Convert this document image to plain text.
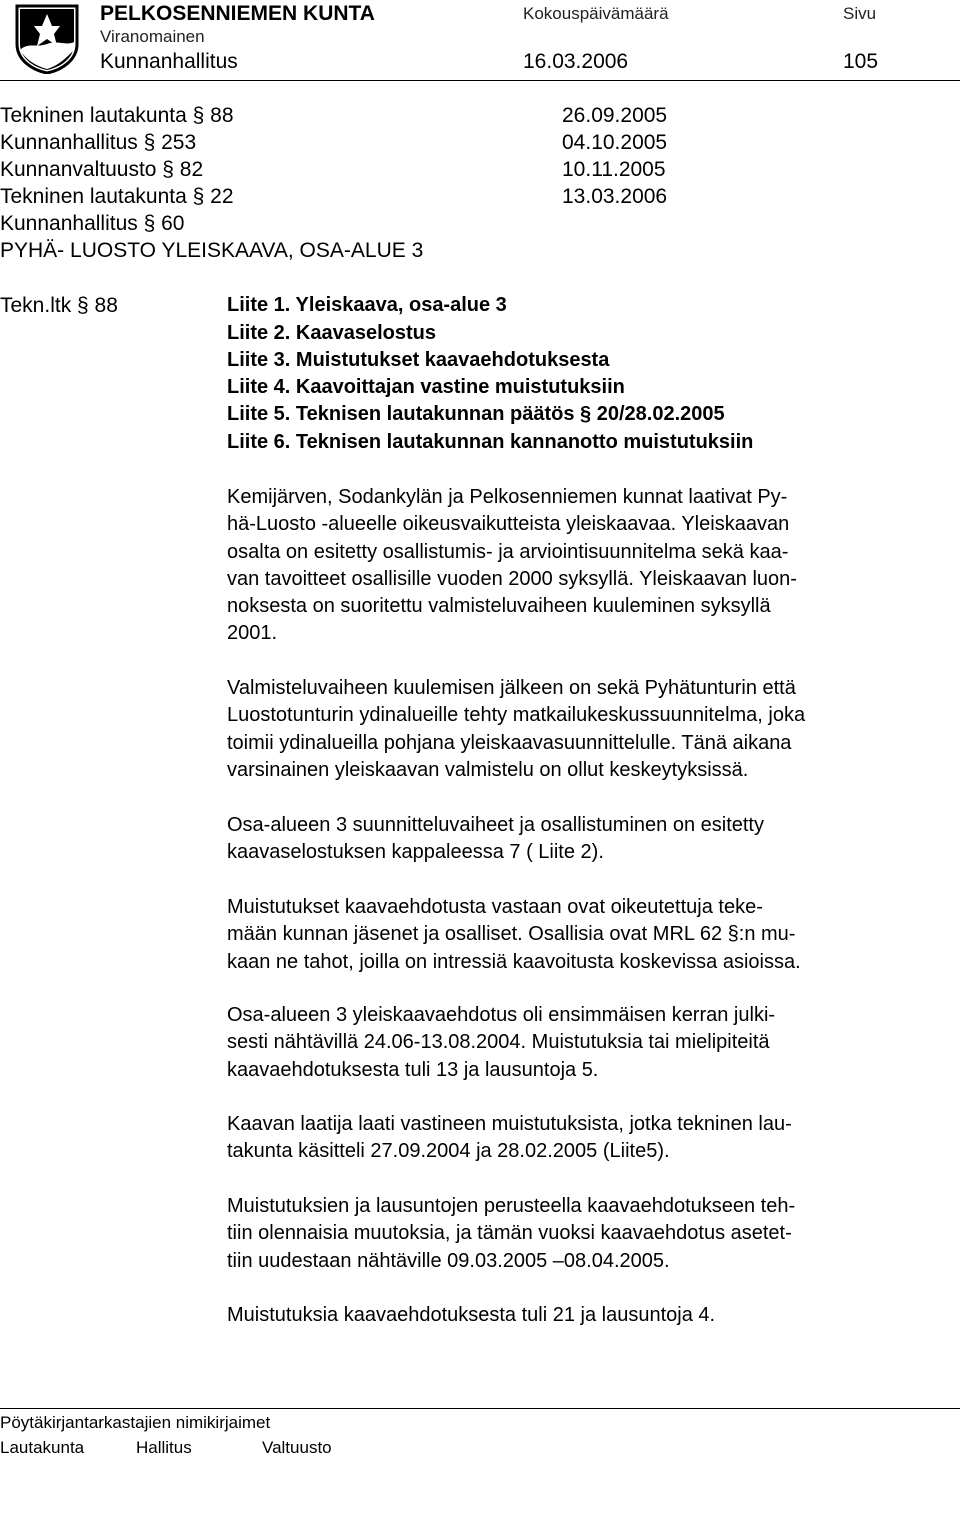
PELKOSENNIEMEN KUNTA	Kokouspäivämäärä	Sivu
Viranomainen
Kunnanhallitus	16.03.2006	105
Tekninen lautakunta § 88	26.09.2005
Kunnanhallitus § 253	04.10.2005
Kunnanvaltuusto § 82	10.11.2005
Tekninen lautakunta § 22	13.03.2006
Kunnanhallitus § 60
PYHÄ- LUOSTO YLEISKAAVA, OSA-ALUE 3
Tekn.ltk § 88	Liite 1. Yleiskaava, osa-alue 3
Liite 2. Kaavaselostus
Liite 3. Muistutukset kaavaehdotuksesta
Liite 4. Kaavoittajan vastine muistutuksiin
Liite 5. Teknisen lautakunnan päätös § 20/28.02.2005
Liite 6. Teknisen lautakunnan kannanotto muistutuksiin
Kemijärven, Sodankylän ja Pelkosenniemen kunnat laativat Py-
hä-Luosto -alueelle oikeusvaikutteista yleiskaavaa. Yleiskaavan
osalta on esitetty osallistumis- ja arviointisuunnitelma sekä kaa-
van tavoitteet osallisille vuoden 2000 syksyllä. Yleiskaavan luon-
noksesta on suoritettu valmisteluvaiheen kuuleminen syksyllä
2001.
Valmisteluvaiheen kuulemisen jälkeen on sekä Pyhätunturin että
Luostotunturin ydinalueille tehty matkailukeskussuunnitelma, joka
toimii ydinalueilla pohjana yleiskaavasuunnittelulle. Tänä aikana
varsinainen yleiskaavan valmistelu on ollut keskeytyksissä.
Osa-alueen 3 suunnitteluvaiheet ja osallistuminen on esitetty
kaavaselostuksen kappaleessa 7 ( Liite 2).
Muistutukset kaavaehdotusta vastaan ovat oikeutettuja teke-
mään kunnan jäsenet ja osalliset. Osallisia ovat MRL 62 §:n mu-
kaan ne tahot, joilla on intressiä kaavoitusta koskevissa asioissa.
Osa-alueen 3 yleiskaavaehdotus oli ensimmäisen kerran julki-
sesti nähtävillä 24.06-13.08.2004. Muistutuksia tai mielipiteitä
kaavaehdotuksesta tuli 13 ja lausuntoja 5.
Kaavan laatija laati vastineen muistutuksista, jotka tekninen lau-
takunta käsitteli 27.09.2004 ja 28.02.2005 (Liite5).
Muistutuksien ja lausuntojen perusteella kaavaehdotukseen teh-
tiin olennaisia muutoksia, ja tämän vuoksi kaavaehdotus asetet-
tiin uudestaan nähtäville 09.03.2005 –08.04.2005.
Muistutuksia kaavaehdotuksesta tuli 21 ja lausuntoja 4.
Pöytäkirjantarkastajien nimikirjaimet
Lautakunta	Hallitus	Valtuusto
